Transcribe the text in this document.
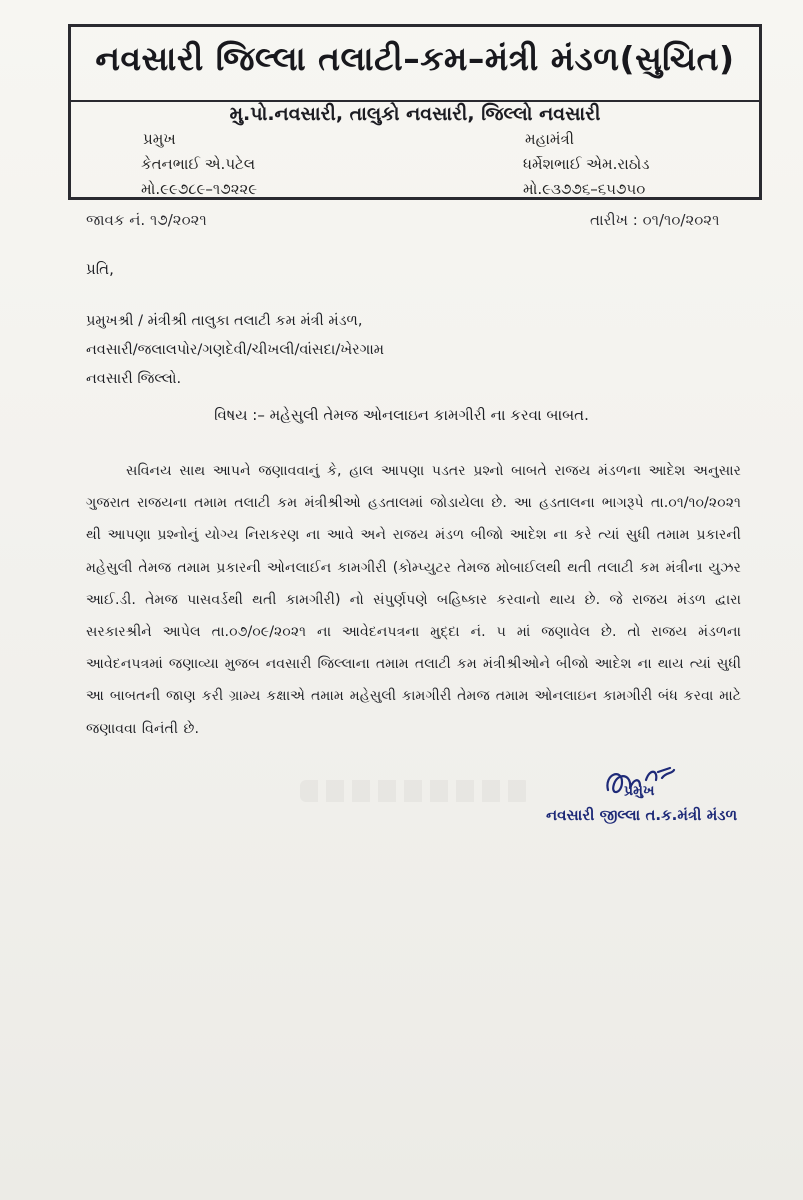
નવસારી જિલ્લા તલાટી–કમ–મંત્રી મંડળ(સુચિત)
મુ.પો.નવસારી, તાલુકો નવસારી, જિલ્લો નવસારી
પ્રમુખ
કેતનભાઈ એ.પટેલ
મો.૯૯૭૮૯–૧૭૨૨૯
મહામંત્રી
ધર્મેશભાઈ એમ.રાઠોડ
મો.૯૩૭૭૬–૬૫૭૫૦
જાવક નં. ૧૭/૨૦૨૧	તારીખ : ૦૧/૧૦/૨૦૨૧
પ્રતિ,
પ્રમુખશ્રી / મંત્રીશ્રી તાલુકા તલાટી કમ મંત્રી મંડળ,
નવસારી/જલાલપોર/ગણદેવી/ચીખલી/વાંસદા/ખેરગામ
નવસારી જિલ્લો.
વિષય :– મહેસુલી તેમજ ઓનલાઇન કામગીરી ના કરવા બાબત.
સવિનય સાથ આપને જણાવવાનું કે, હાલ આપણા પડતર પ્રશ્નો બાબતે રાજય મંડળના આદેશ અનુસાર ગુજરાત રાજયના તમામ તલાટી કમ મંત્રીશ્રીઓ હડતાલમાં જોડાયેલા છે. આ હડતાલના ભાગરૂપે તા.૦૧/૧૦/૨૦૨૧ થી આપણા પ્રશ્નોનું યોગ્ય નિરાકરણ ના આવે અને રાજય મંડળ બીજો આદેશ ના કરે ત્યાં સુધી તમામ પ્રકારની મહેસુલી તેમજ તમામ પ્રકારની ઓનલાઈન કામગીરી (કોમ્પ્યુટર તેમજ મોબાઈલથી થતી તલાટી કમ મંત્રીના યુઝર આઈ.ડી. તેમજ પાસવર્ડથી થતી કામગીરી) નો સંપુર્ણપણે બહિષ્કાર કરવાનો થાય છે. જે રાજય મંડળ દ્વારા સરકારશ્રીને આપેલ તા.૦૭/૦૯/૨૦૨૧ ના આવેદનપત્રના મુદ્દા નં. ૫ માં જણાવેલ છે. તો રાજય મંડળના આવેદનપત્રમાં જણાવ્યા મુજબ નવસારી જિલ્લાના તમામ તલાટી કમ મંત્રીશ્રીઓને બીજો આદેશ ના થાય ત્યાં સુધી આ બાબતની જાણ કરી ગ્રામ્ય કક્ષાએ તમામ મહેસુલી કામગીરી તેમજ તમામ ઓનલાઇન કામગીરી બંધ કરવા માટે જણાવવા વિનંતી છે.
પ્રમુખ
નવસારી જીલ્લા ત.ક.મંત્રી મંડળ
